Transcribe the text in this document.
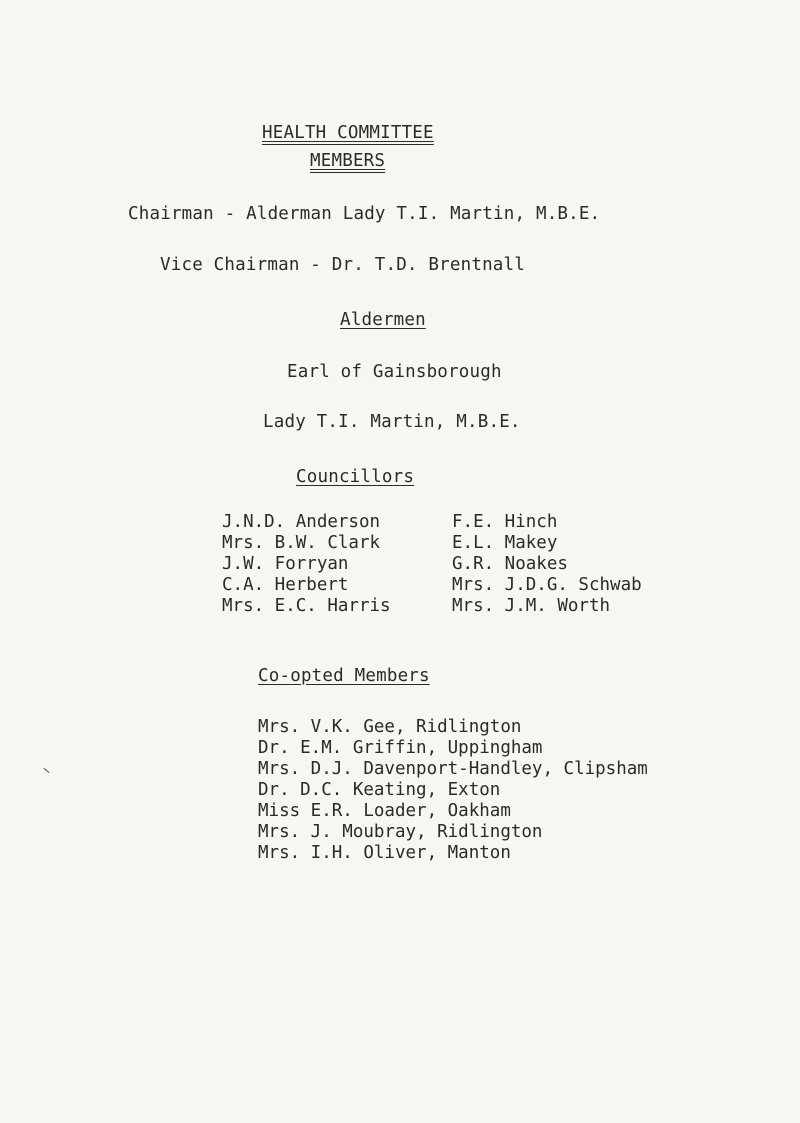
HEALTH COMMITTEE
MEMBERS
Chairman - Alderman Lady T.I. Martin, M.B.E.
Vice Chairman - Dr. T.D. Brentnall
Aldermen
Earl of Gainsborough
Lady T.I. Martin, M.B.E.
Councillors
J.N.D. Anderson
Mrs. B.W. Clark
J.W. Forryan
C.A. Herbert
Mrs. E.C. Harris
F.E. Hinch
E.L. Makey
G.R. Noakes
Mrs. J.D.G. Schwab
Mrs. J.M. Worth
Co-opted Members
Mrs. V.K. Gee, Ridlington
Dr. E.M. Griffin, Uppingham
Mrs. D.J. Davenport-Handley, Clipsham
Dr. D.C. Keating, Exton
Miss E.R. Loader, Oakham
Mrs. J. Moubray, Ridlington
Mrs. I.H. Oliver, Manton
